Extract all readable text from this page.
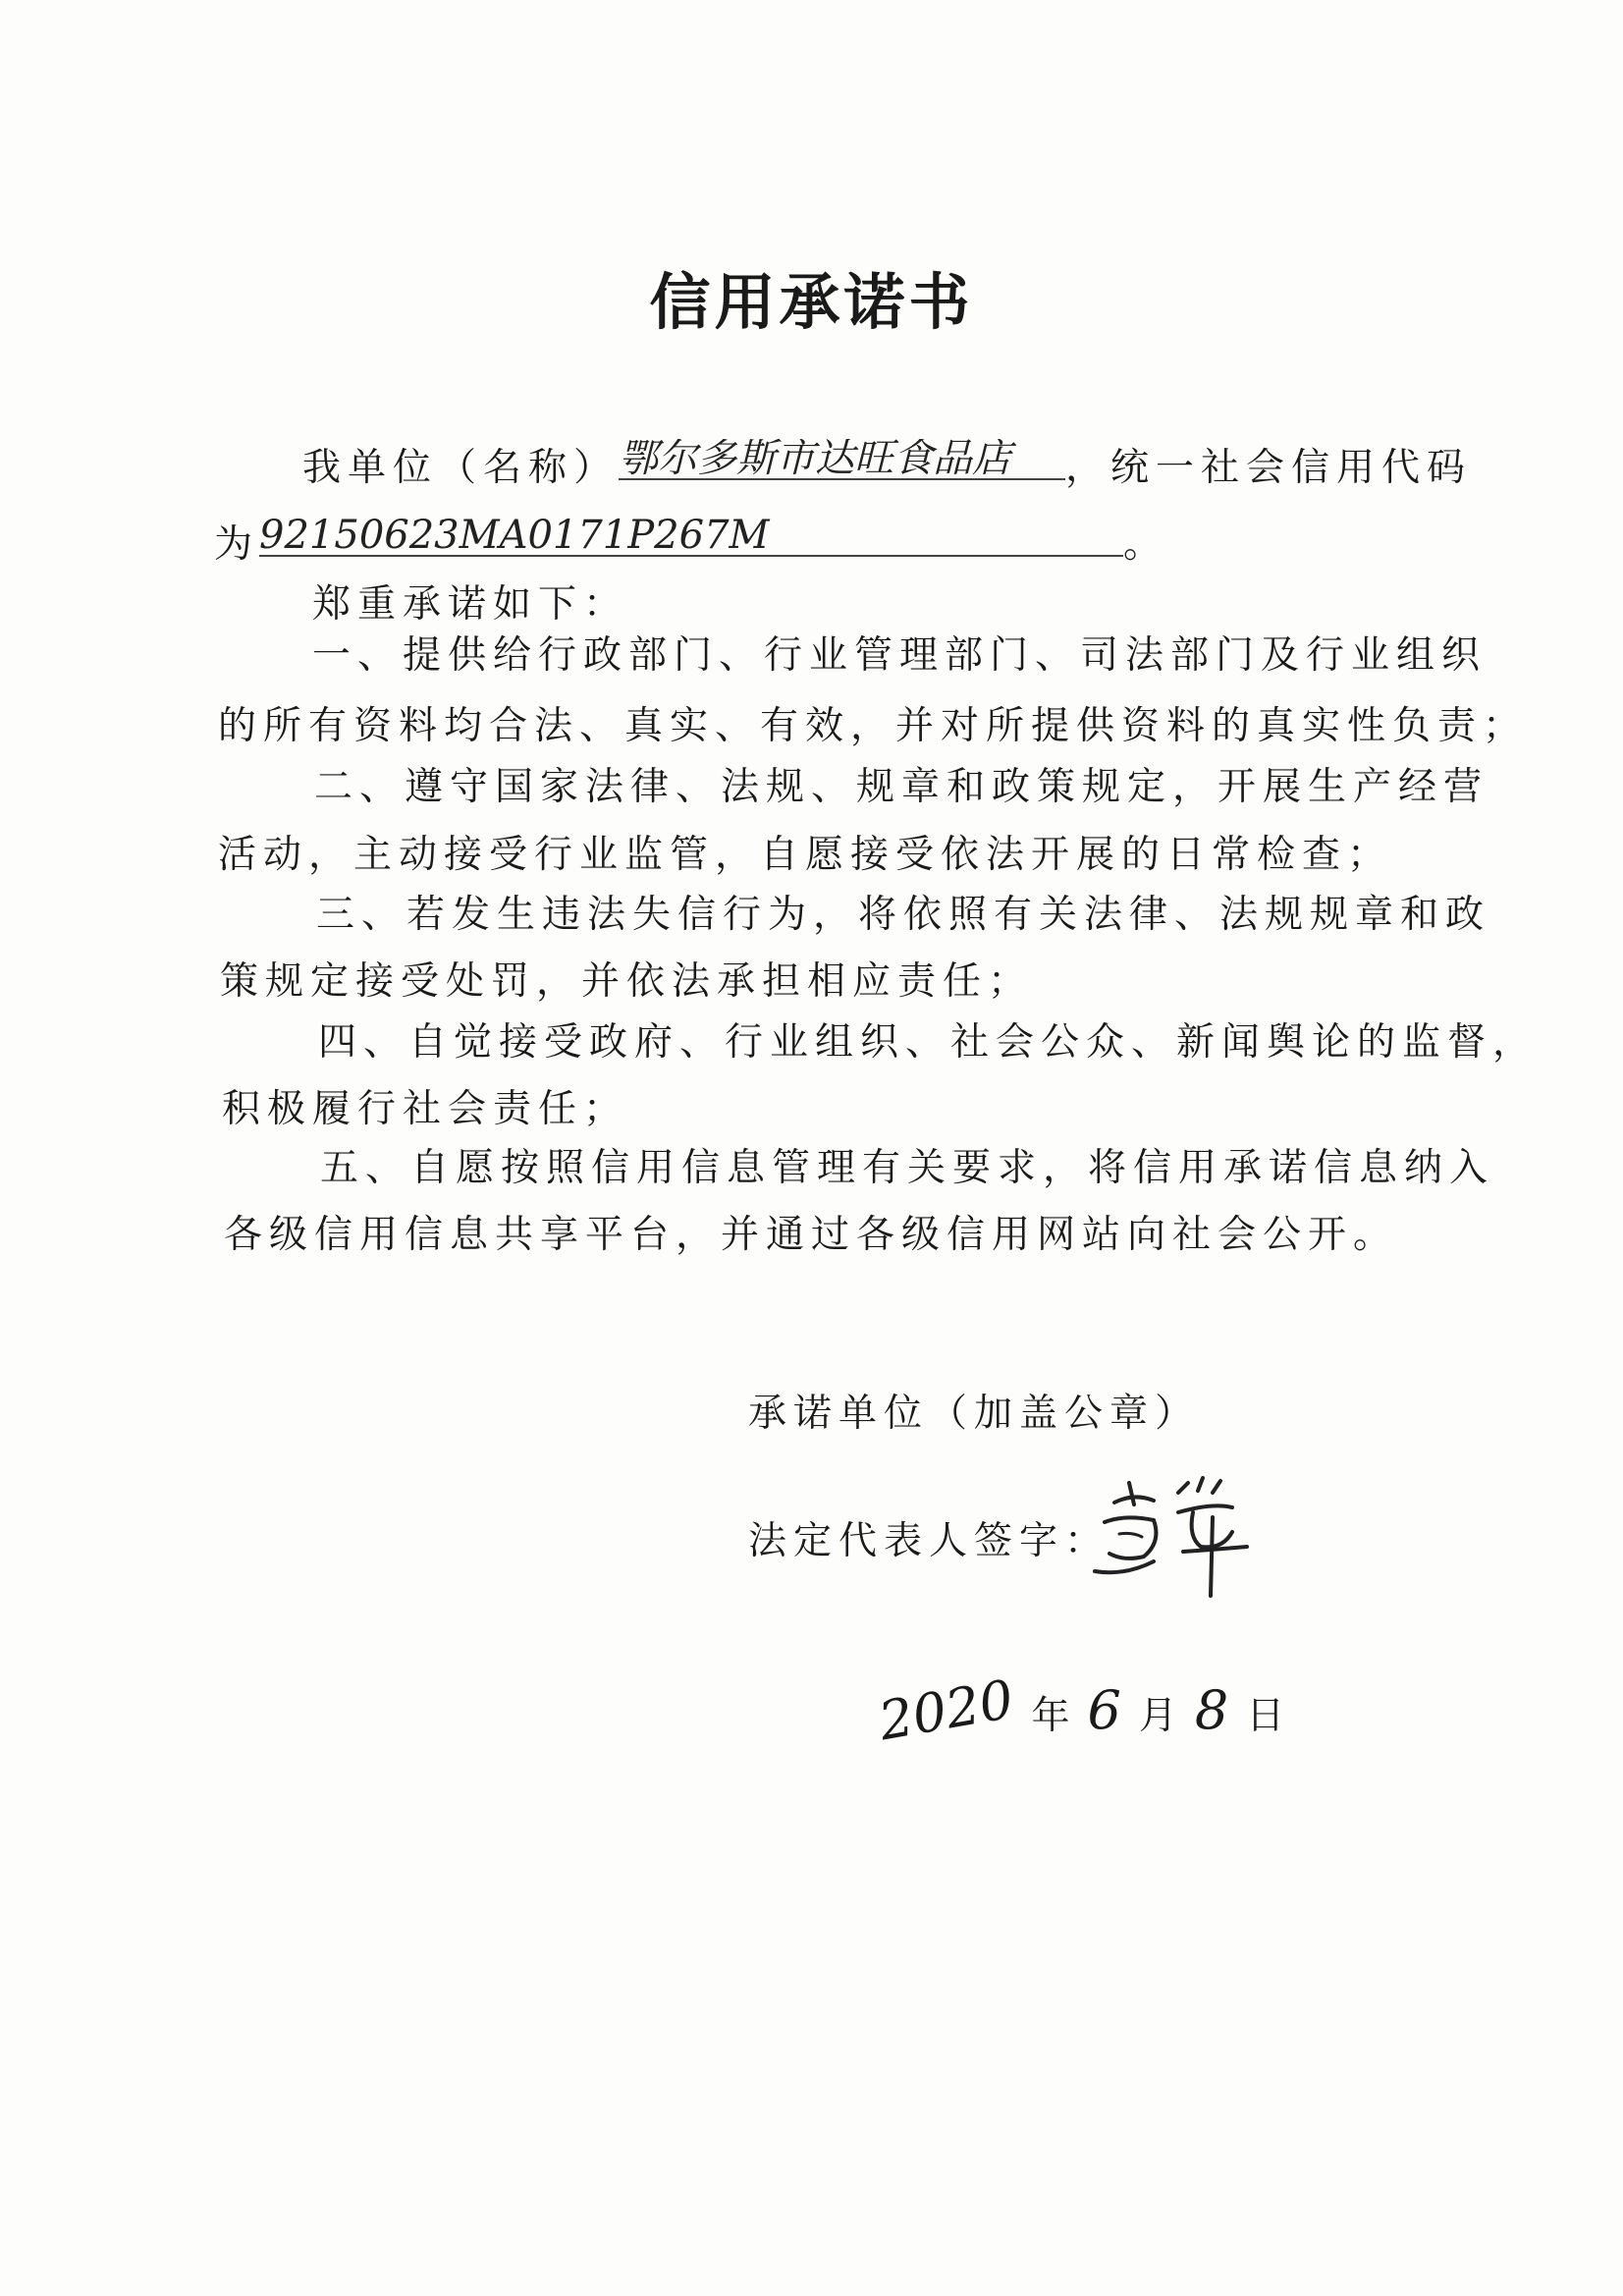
信用承诺书
我单位（名称）鄂尔多斯市达旺食品店 ，统一社会信用代码
为92150623MA0171P267M	。
郑重承诺如下：
一、提供给行政部门、行业管理部门、司法部门及行业组织
的所有资料均合法、真实、有效，并对所提供资料的真实性负责；
二、遵守国家法律、法规、规章和政策规定，开展生产经营
活动，主动接受行业监管，自愿接受依法开展的日常检查；
三、若发生违法失信行为，将依照有关法律、法规规章和政
策规定接受处罚，并依法承担相应责任；
四、自觉接受政府、行业组织、社会公众、新闻舆论的监督，
积极履行社会责任；
五、自愿按照信用信息管理有关要求，将信用承诺信息纳入
各级信用信息共享平台，并通过各级信用网站向社会公开。
承诺单位（加盖公章）
法定代表人签字：
2020 年 6 月 8 日
